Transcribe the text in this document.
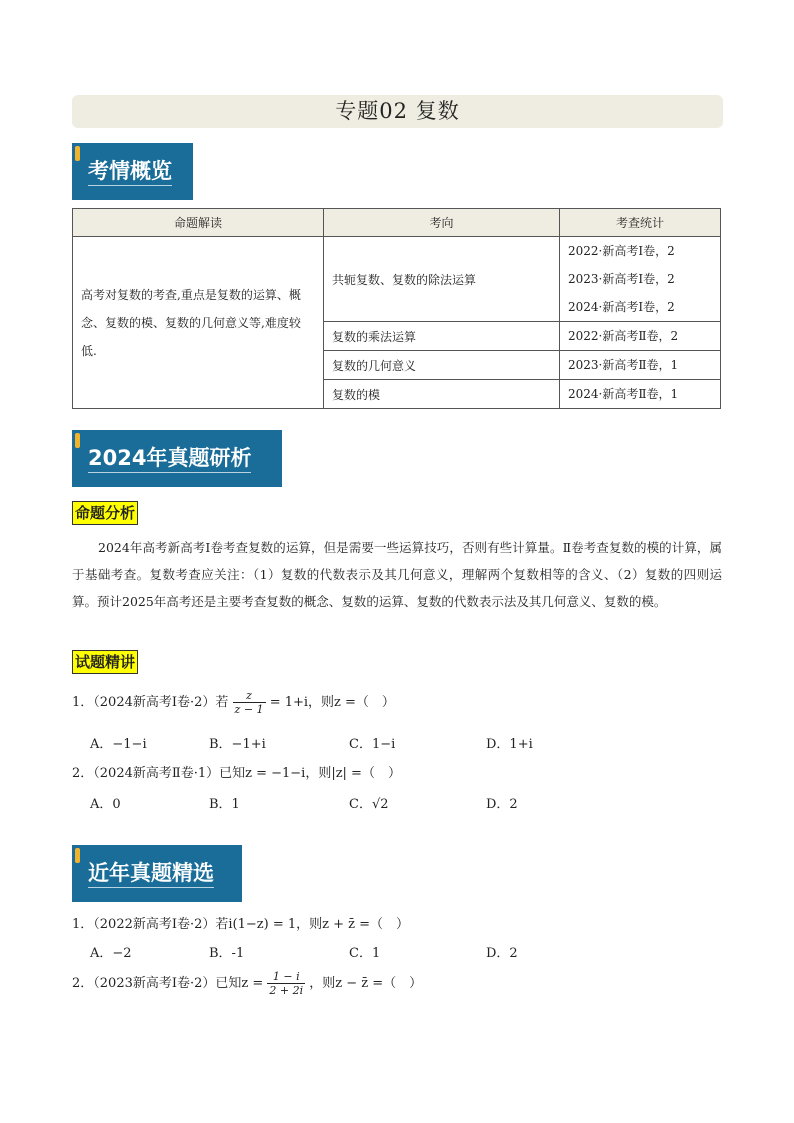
专题02 复数
考情概览
命题解读	考向	考查统计
高考对复数的考查,重点是复数的运算、概念、复数的模、复数的几何意义等,难度较低.	共轭复数、复数的除法运算	2022·新高考Ⅰ卷，2

2023·新高考Ⅰ卷，2

2024·新高考Ⅰ卷，2

	复数的乘法运算	2022·新高考Ⅱ卷，2

	复数的几何意义	2023·新高考Ⅱ卷，1

	复数的模	2024·新高考Ⅱ卷，1

2024年真题研析
命题分析
2024年高考新高考Ⅰ卷考查复数的运算，但是需要一些运算技巧，否则有些计算量。Ⅱ卷考查复数的模的计算，属于基础考查。复数考查应关注：（1）复数的代数表示及其几何意义，理解两个复数相等的含义、（2）复数的四则运算。预计2025年高考还是主要考查复数的概念、复数的运算、复数的代数表示法及其几何意义、复数的模。
试题精讲
1．（2024新高考Ⅰ卷·2）若 $\frac{z}{z - 1} = 1+i$，则z =（　）
A．−1−i	B．−1+i	C．1−i	D．1+i
2．（2024新高考Ⅱ卷·1）已知z = −1−i，则|z| =（　）
A．0	B．1	C．√2	D．2
近年真题精选
1．（2022新高考Ⅰ卷·2）若i(1−z) = 1，则z + z̄ =（　）
A．−2	B．-1	C．1	D．2
2．（2023新高考Ⅰ卷·2）已知$z = \frac{1 - i}{2 + 2i}$ ，则z − z̄ =（　）
